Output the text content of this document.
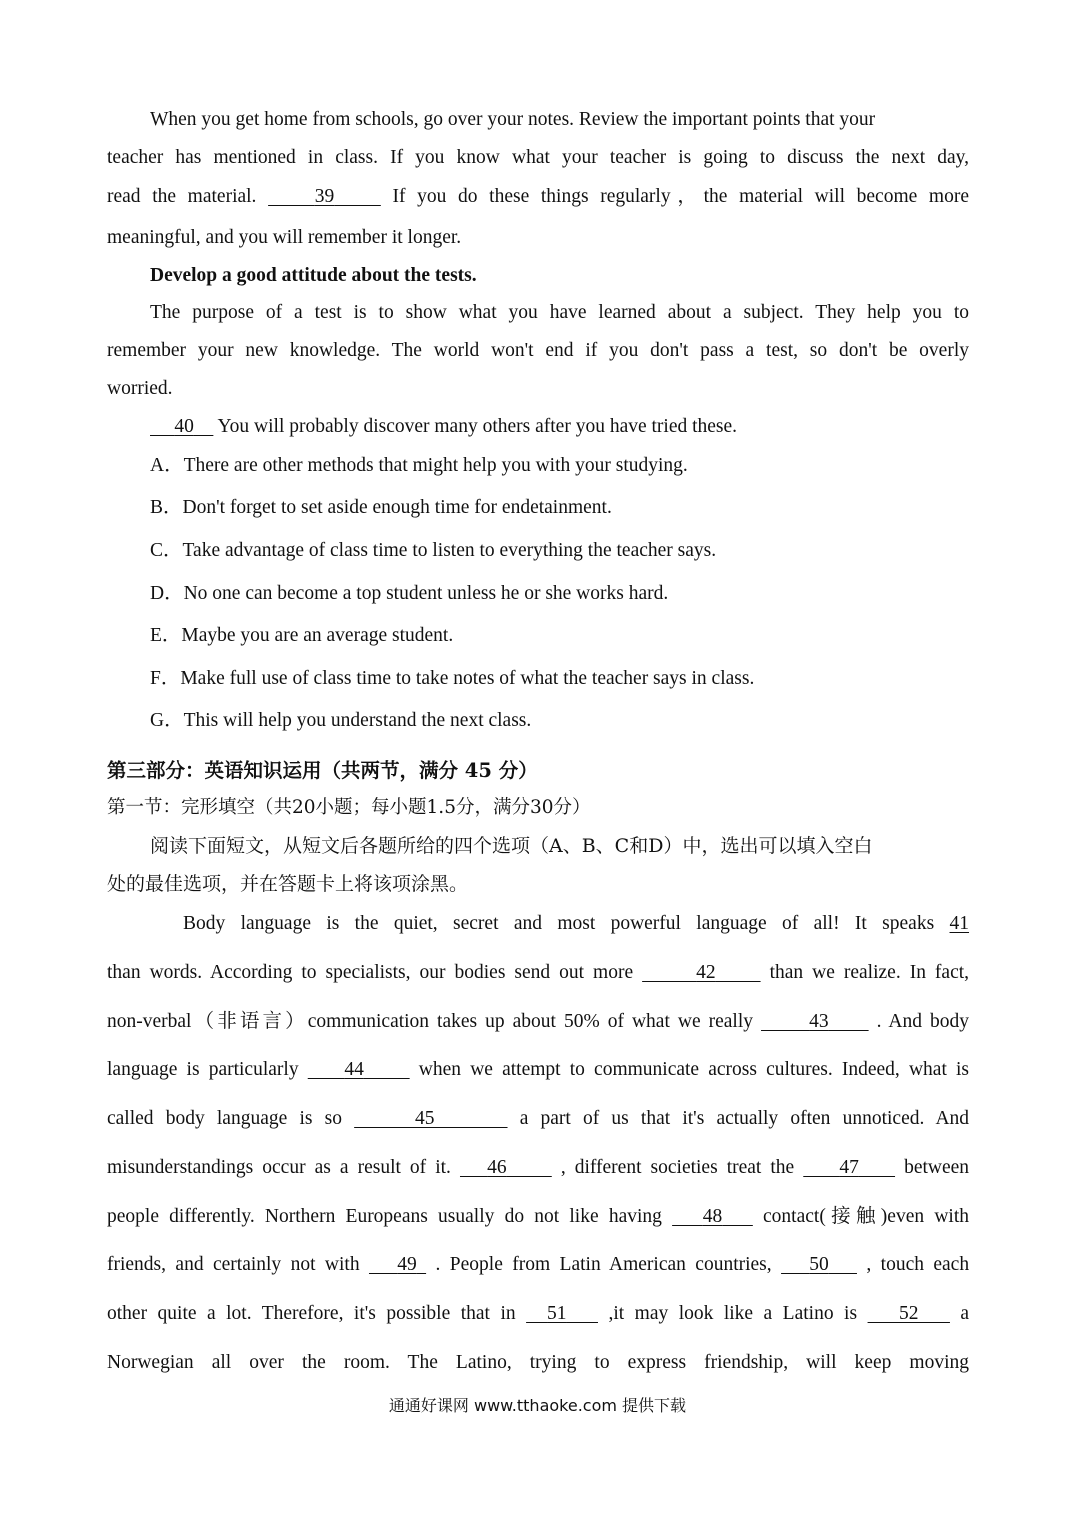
When you get home from schools, go over your notes. Review the important points that your
teacher has mentioned in class. If you know what your teacher is going to discuss the next day,
read the material.	39	If you do these things regularly，the material will become more
meaningful, and you will remember it longer.
Develop a good attitude about the tests.
The purpose of a test is to show what you have learned about a subject. They help you to
remember your new knowledge. The world won't end if you don't pass a test, so don't be overly
worried.
40 You will probably discover many others after you have tried these.
A．There are other methods that might help you with your studying.
B．Don't forget to set aside enough time for endetainment.
C．Take advantage of class time to listen to everything the teacher says.
D．No one can become a top student unless he or she works hard.
E．Maybe you are an average student.
F．Make full use of class time to take notes of what the teacher says in class.
G．This will help you understand the next class.
第三部分：英语知识运用（共两节，满分 45 分）
第一节：完形填空（共20小题；每小题1.5分，满分30分）
阅读下面短文，从短文后各题所给的四个选项（A、B、C和D）中，选出可以填入空白
处的最佳选项，并在答题卡上将该项涂黑。
Body language is the quiet, secret and most powerful language of all! It speaks 41
than words. According to specialists, our bodies send out more	42	than we realize. In fact,
non-verbal（非语言）communication takes up about 50% of what we really	43 . And body
language is particularly 44	when we attempt to communicate across cultures. Indeed, what is
called body language is so	45	a part of us that it's actually often unnoticed. And
misunderstandings occur as a result of it. 46	, different societies treat the 47 between
people differently. Northern Europeans usually do not like having 48 contact(接触)even with
friends, and certainly not with 49 . People from Latin American countries, 50 , touch each
other quite a lot. Therefore, it's possible that in 51 ,it may look like a Latino is 52 a
Norwegian all over the room. The Latino, trying to express friendship, will keep moving
通通好课网 www.tthaoke.com 提供下载
